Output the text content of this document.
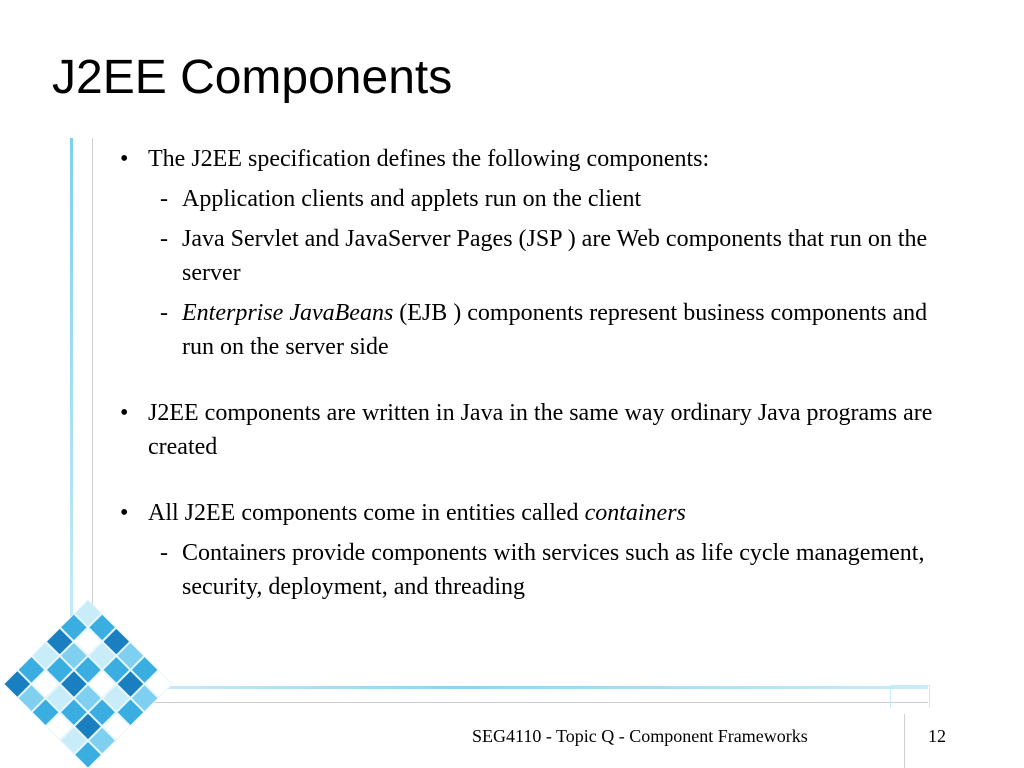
J2EE Components

• The J2EE specification defines the following components:

- Application clients and applets run on the client

- Java Servlet and JavaServer Pages (JSP ) are Web components that run on the server

- Enterprise JavaBeans (EJB ) components represent business components and run on the server side

• J2EE components are written in Java in the same way ordinary Java programs are created

• All J2EE components come in entities called containers

- Containers provide components with services such as life cycle management, security, deployment, and threading

SEG4110 - Topic Q - Component Frameworks	12
